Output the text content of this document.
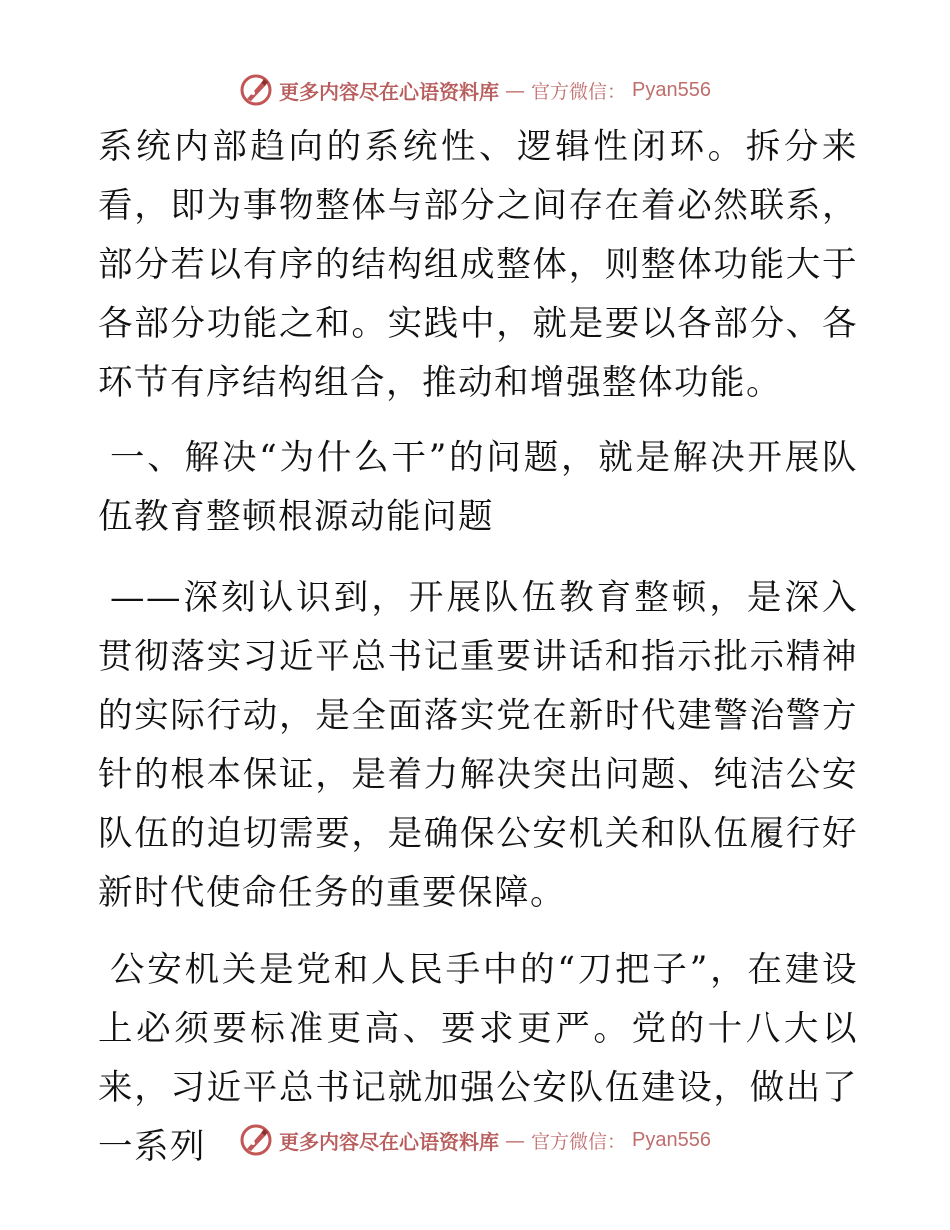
更多内容尽在心语资料库 — 官方微信： Pyan556

系统内部趋向的系统性、逻辑性闭环。拆分来看，即为事物整体与部分之间存在着必然联系，部分若以有序的结构组成整体，则整体功能大于各部分功能之和。实践中，就是要以各部分、各环节有序结构组合，推动和增强整体功能。

一、解决“为什么干”的问题，就是解决开展队伍教育整顿根源动能问题

——深刻认识到，开展队伍教育整顿，是深入贯彻落实习近平总书记重要讲话和指示批示精神的实际行动，是全面落实党在新时代建警治警方针的根本保证，是着力解决突出问题、纯洁公安队伍的迫切需要，是确保公安机关和队伍履行好新时代使命任务的重要保障。

公安机关是党和人民手中的“刀把子”，在建设上必须要标准更高、要求更严。党的十八大以来，习近平总书记就加强公安队伍建设，做出了一系列	更多内容尽在心语资料库 — 官方微信： Pyan556
